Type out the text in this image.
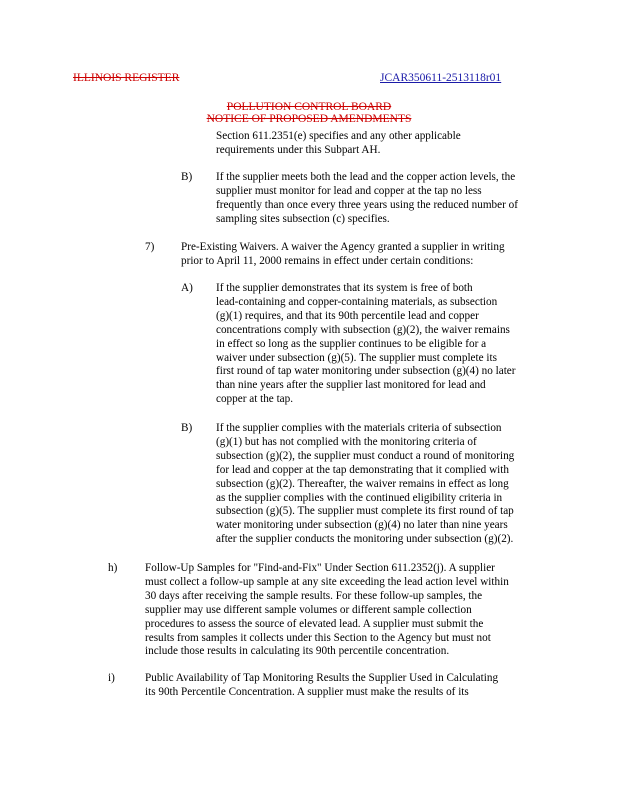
ILLINOIS REGISTER	JCAR350611-2513118r01
POLLUTION CONTROL BOARD
NOTICE OF PROPOSED AMENDMENTS
Section 611.2351(e) specifies and any other applicable
requirements under this Subpart AH.
B) If the supplier meets both the lead and the copper action levels, the
supplier must monitor for lead and copper at the tap no less
frequently than once every three years using the reduced number of
sampling sites subsection (c) specifies.
7) Pre-Existing Waivers. A waiver the Agency granted a supplier in writing
prior to April 11, 2000 remains in effect under certain conditions:
A) If the supplier demonstrates that its system is free of both
lead-containing and copper-containing materials, as subsection
(g)(1) requires, and that its 90th percentile lead and copper
concentrations comply with subsection (g)(2), the waiver remains
in effect so long as the supplier continues to be eligible for a
waiver under subsection (g)(5). The supplier must complete its
first round of tap water monitoring under subsection (g)(4) no later
than nine years after the supplier last monitored for lead and
copper at the tap.
B) If the supplier complies with the materials criteria of subsection
(g)(1) but has not complied with the monitoring criteria of
subsection (g)(2), the supplier must conduct a round of monitoring
for lead and copper at the tap demonstrating that it complied with
subsection (g)(2). Thereafter, the waiver remains in effect as long
as the supplier complies with the continued eligibility criteria in
subsection (g)(5). The supplier must complete its first round of tap
water monitoring under subsection (g)(4) no later than nine years
after the supplier conducts the monitoring under subsection (g)(2).
h) Follow-Up Samples for "Find-and-Fix" Under Section 611.2352(j). A supplier
must collect a follow-up sample at any site exceeding the lead action level within
30 days after receiving the sample results. For these follow-up samples, the
supplier may use different sample volumes or different sample collection
procedures to assess the source of elevated lead. A supplier must submit the
results from samples it collects under this Section to the Agency but must not
include those results in calculating its 90th percentile concentration.
i)	Public Availability of Tap Monitoring Results the Supplier Used in Calculating
its 90th Percentile Concentration. A supplier must make the results of its
